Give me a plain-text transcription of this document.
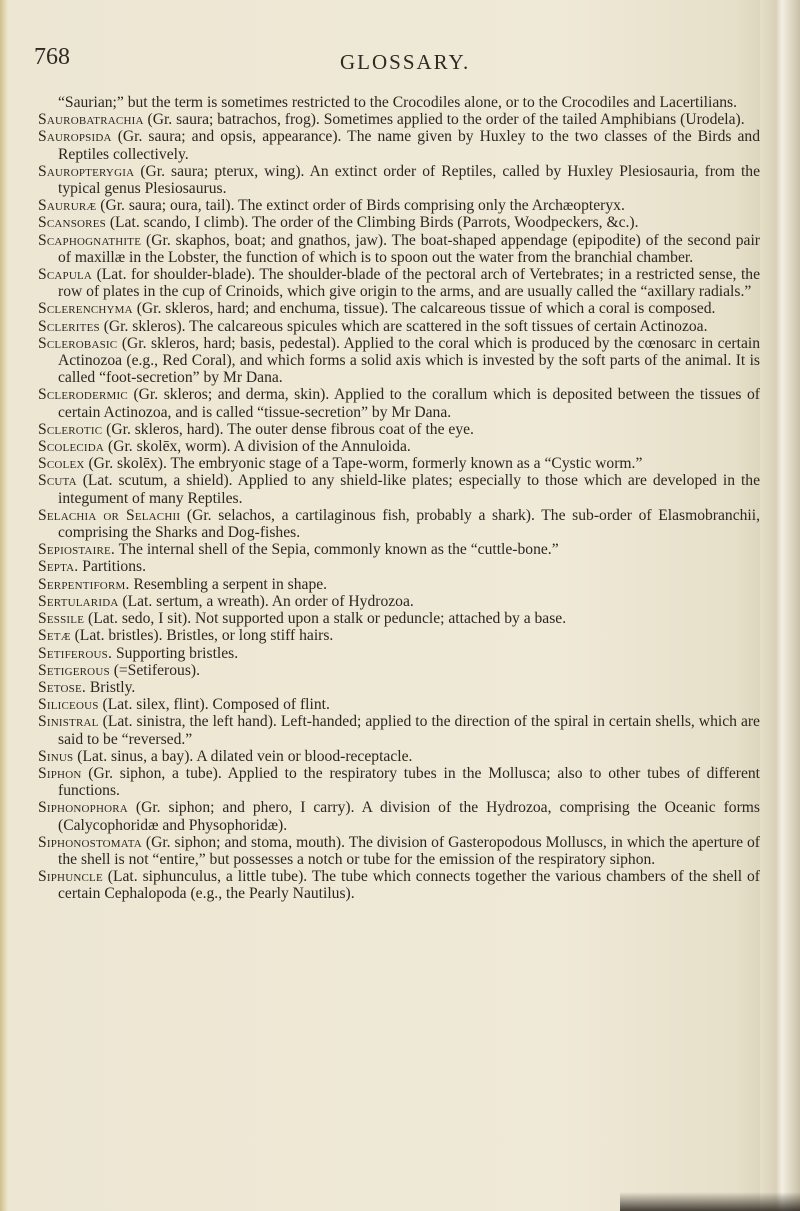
768	GLOSSARY.
“Saurian;” but the term is sometimes restricted to the Crocodiles alone, or to the Crocodiles and Lacertilians.
Saurobatrachia (Gr. saura; batrachos, frog). Sometimes applied to the order of the tailed Amphibians (Urodela).
Sauropsida (Gr. saura; and opsis, appearance). The name given by Huxley to the two classes of the Birds and Reptiles collectively.
Sauropterygia (Gr. saura; pterux, wing). An extinct order of Reptiles, called by Huxley Plesiosauria, from the typical genus Plesiosaurus.
Saururæ (Gr. saura; oura, tail). The extinct order of Birds comprising only the Archæopteryx.
Scansores (Lat. scando, I climb). The order of the Climbing Birds (Parrots, Woodpeckers, &c.).
Scaphognathite (Gr. skaphos, boat; and gnathos, jaw). The boat-shaped appendage (epipodite) of the second pair of maxillæ in the Lobster, the function of which is to spoon out the water from the branchial chamber.
Scapula (Lat. for shoulder-blade). The shoulder-blade of the pectoral arch of Vertebrates; in a restricted sense, the row of plates in the cup of Crinoids, which give origin to the arms, and are usually called the “axillary radials.”
Sclerenchyma (Gr. skleros, hard; and enchuma, tissue). The calcareous tissue of which a coral is composed.
Sclerites (Gr. skleros). The calcareous spicules which are scattered in the soft tissues of certain Actinozoa.
Sclerobasic (Gr. skleros, hard; basis, pedestal). Applied to the coral which is produced by the cœnosarc in certain Actinozoa (e.g., Red Coral), and which forms a solid axis which is invested by the soft parts of the animal. It is called “foot-secretion” by Mr Dana.
Sclerodermic (Gr. skleros; and derma, skin). Applied to the corallum which is deposited between the tissues of certain Actinozoa, and is called “tissue-secretion” by Mr Dana.
Sclerotic (Gr. skleros, hard). The outer dense fibrous coat of the eye.
Scolecida (Gr. skolēx, worm). A division of the Annuloida.
Scolex (Gr. skolēx). The embryonic stage of a Tape-worm, formerly known as a “Cystic worm.”
Scuta (Lat. scutum, a shield). Applied to any shield-like plates; especially to those which are developed in the integument of many Reptiles.
Selachia or Selachii (Gr. selachos, a cartilaginous fish, probably a shark). The sub-order of Elasmobranchii, comprising the Sharks and Dog-fishes.
Sepiostaire. The internal shell of the Sepia, commonly known as the “cuttle-bone.”
Septa. Partitions.
Serpentiform. Resembling a serpent in shape.
Sertularida (Lat. sertum, a wreath). An order of Hydrozoa.
Sessile (Lat. sedo, I sit). Not supported upon a stalk or peduncle; attached by a base.
Setæ (Lat. bristles). Bristles, or long stiff hairs.
Setiferous. Supporting bristles.
Setigerous (=Setiferous).
Setose. Bristly.
Siliceous (Lat. silex, flint). Composed of flint.
Sinistral (Lat. sinistra, the left hand). Left-handed; applied to the direction of the spiral in certain shells, which are said to be “reversed.”
Sinus (Lat. sinus, a bay). A dilated vein or blood-receptacle.
Siphon (Gr. siphon, a tube). Applied to the respiratory tubes in the Mollusca; also to other tubes of different functions.
Siphonophora (Gr. siphon; and phero, I carry). A division of the Hydrozoa, comprising the Oceanic forms (Calycophoridæ and Physophoridæ).
Siphonostomata (Gr. siphon; and stoma, mouth). The division of Gasteropodous Molluscs, in which the aperture of the shell is not “entire,” but possesses a notch or tube for the emission of the respiratory siphon.
Siphuncle (Lat. siphunculus, a little tube). The tube which connects together the various chambers of the shell of certain Cephalopoda (e.g., the Pearly Nautilus).
